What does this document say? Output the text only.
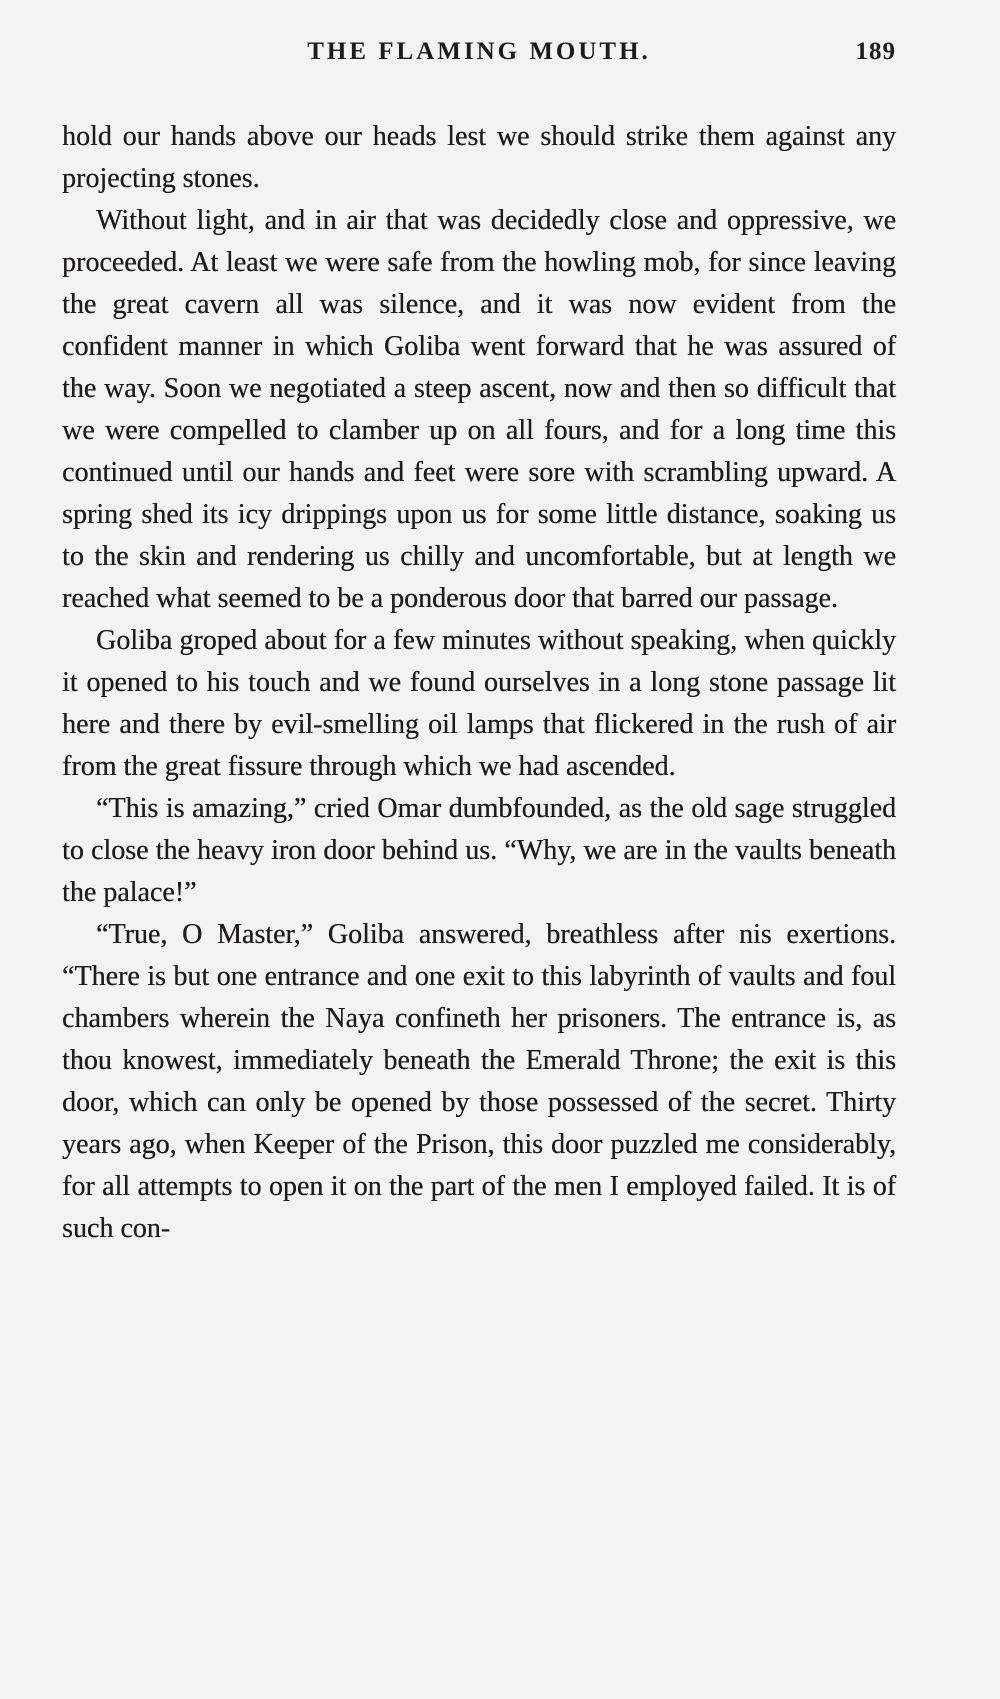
THE FLAMING MOUTH.	189

hold our hands above our heads lest we should strike them against any projecting stones.

Without light, and in air that was decidedly close and oppressive, we proceeded. At least we were safe from the howling mob, for since leaving the great cavern all was silence, and it was now evident from the confident manner in which Goliba went forward that he was assured of the way. Soon we negotiated a steep ascent, now and then so difficult that we were compelled to clamber up on all fours, and for a long time this continued until our hands and feet were sore with scrambling upward. A spring shed its icy drippings upon us for some little distance, soaking us to the skin and rendering us chilly and uncomfortable, but at length we reached what seemed to be a ponderous door that barred our passage.

Goliba groped about for a few minutes without speaking, when quickly it opened to his touch and we found ourselves in a long stone passage lit here and there by evil-smelling oil lamps that flickered in the rush of air from the great fissure through which we had ascended.

“This is amazing,” cried Omar dumbfounded, as the old sage struggled to close the heavy iron door behind us. “Why, we are in the vaults beneath the palace!”

“True, O Master,” Goliba answered, breathless after nis exertions. “There is but one entrance and one exit to this labyrinth of vaults and foul chambers wherein the Naya confineth her prisoners. The entrance is, as thou knowest, immediately beneath the Emerald Throne; the exit is this door, which can only be opened by those possessed of the secret. Thirty years ago, when Keeper of the Prison, this door puzzled me considerably, for all attempts to open it on the part of the men I employed failed. It is of such con-
